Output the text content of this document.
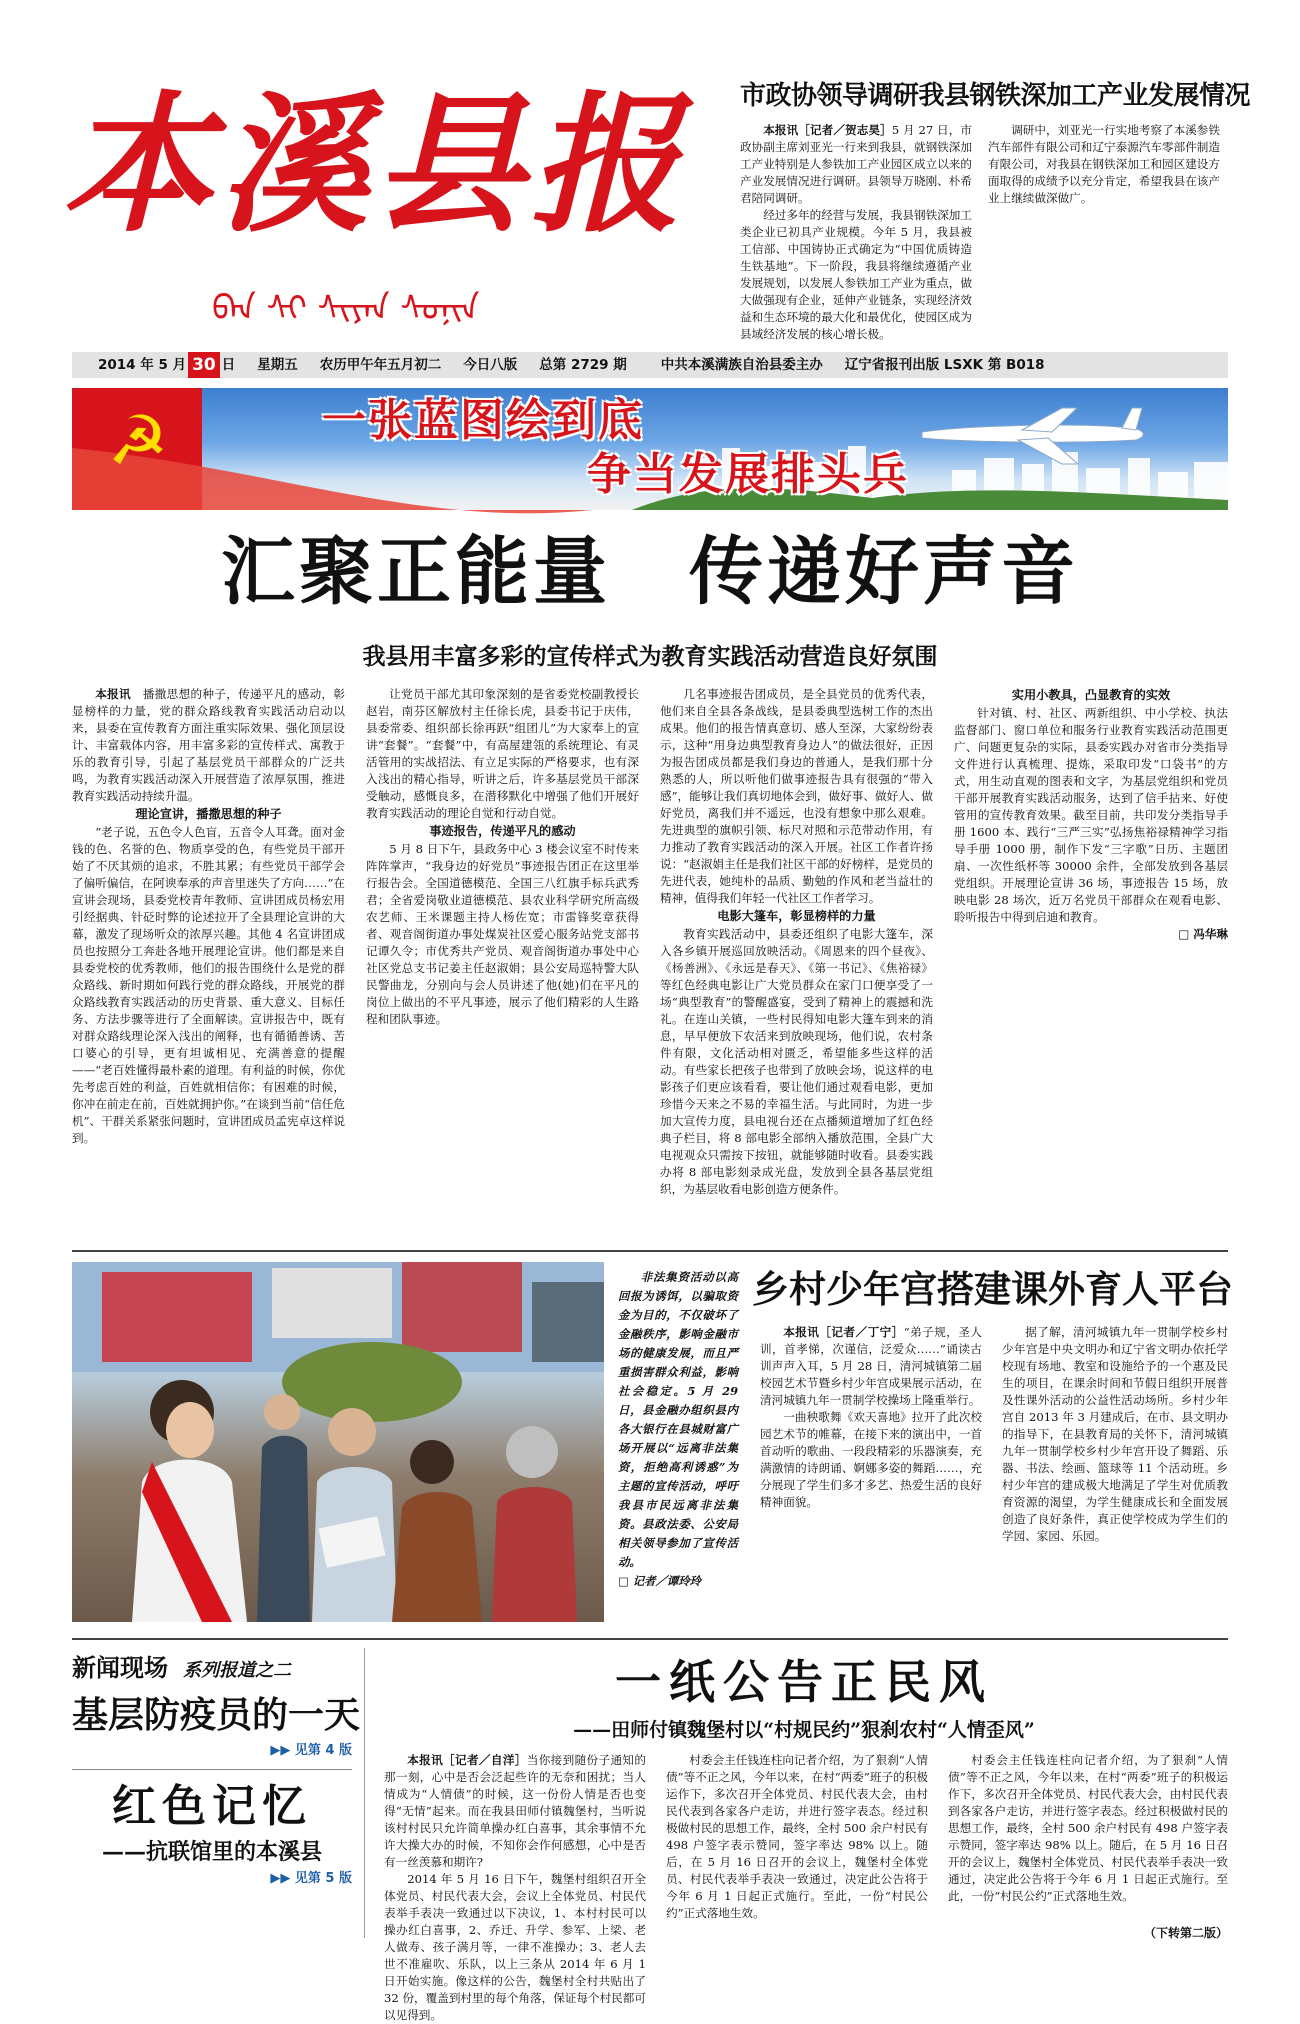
本溪县报
ᠪᠡᠨ ᠰᠢ ᠰᠢᠶᠠᠨ ᠰᠣᠨᠢᠨ
市政协领导调研我县钢铁深加工产业发展情况

本报讯［记者／贺志昊］5 月 27 日，市政协副主席刘亚光一行来到我县，就钢铁深加工产业特别是人参铁加工产业园区成立以来的产业发展情况进行调研。县领导万晓刚、朴希君陪同调研。

经过多年的经营与发展，我县钢铁深加工类企业已初具产业规模。今年 5 月，我县被工信部、中国铸协正式确定为“中国优质铸造生铁基地”。下一阶段，我县将继续遵循产业发展规划，以发展人参铁加工产业为重点，做大做强现有企业，延伸产业链条，实现经济效益和生态环境的最大化和最优化，使园区成为县域经济发展的核心增长极。

调研中，刘亚光一行实地考察了本溪参铁汽车部件有限公司和辽宁泰源汽车零部件制造有限公司，对我县在钢铁深加工和园区建设方面取得的成绩予以充分肯定，希望我县在该产业上继续做深做广。

2014 年 5 月 30 日 星期五 农历甲午年五月初二 今日八版 总第 2729 期	中共本溪满族自治县委主办 辽宁省报刊出版 LSXK 第 B018
☭	一张蓝图绘到底
争当发展排头兵
汇聚正能量　传递好声音
我县用丰富多彩的宣传样式为教育实践活动营造良好氛围

本报讯　 播撒思想的种子，传递平凡的感动，彰显榜样的力量，党的群众路线教育实践活动启动以来，县委在宣传教育方面注重实际效果、强化顶层设计、丰富载体内容，用丰富多彩的宣传样式、寓教于乐的教育引导，引起了基层党员干部群众的广泛共鸣，为教育实践活动深入开展营造了浓厚氛围，推进教育实践活动持续升温。

理论宣讲，播撒思想的种子

“老子说，五色令人色盲，五音令人耳聋。面对金钱的色、名誉的色、物质享受的色，有些党员干部开始了不厌其烦的追求，不胜其累；有些党员干部学会了偏听偏信，在阿谀奉承的声音里迷失了方向……”在宣讲会现场，县委党校青年教师、宣讲团成员杨宏用引经据典、针砭时弊的论述拉开了全县理论宣讲的大幕，激发了现场听众的浓厚兴趣。其他 4 名宣讲团成员也按照分工奔赴各地开展理论宣讲。他们都是来自县委党校的优秀教师，他们的报告围绕什么是党的群众路线、新时期如何践行党的群众路线，开展党的群众路线教育实践活动的历史背景、重大意义、目标任务、方法步骤等进行了全面解读。宣讲报告中，既有对群众路线理论深入浅出的阐释，也有循循善诱、苦口婆心的引导，更有坦诚相见、充满善意的提醒——“老百姓懂得最朴素的道理。有利益的时候，你优先考虑百姓的利益，百姓就相信你；有困难的时候，你冲在前走在前，百姓就拥护你。”在谈到当前“信任危机”、干群关系紧张问题时，宣讲团成员孟宪卓这样说到。

让党员干部尤其印象深刻的是省委党校副教授长赵岩，南芬区解放村主任徐长虎，县委书记于庆伟，县委常委、组织部长徐再跃“组团儿”为大家奉上的宣讲“套餐”。“套餐”中，有高屋建瓴的系统理论、有灵活管用的实战招法、有立足实际的严格要求，也有深入浅出的精心指导，听讲之后，许多基层党员干部深受触动，感慨良多，在潜移默化中增强了他们开展好教育实践活动的理论自觉和行动自觉。

事迹报告，传递平凡的感动

5 月 8 日下午，县政务中心 3 楼会议室不时传来阵阵掌声，“我身边的好党员”事迹报告团正在这里举行报告会。全国道德模范、全国三八红旗手标兵武秀君；全省爱岗敬业道德模范、县农业科学研究所高级农艺师、王米课题主持人杨佐宽；市雷锋奖章获得者、观音阁街道办事处煤炭社区爱心服务站党支部书记谭久令；市优秀共产党员、观音阁街道办事处中心社区党总支书记姜主任赵淑娟；县公安局巡特警大队民警曲龙，分别向与会人员讲述了他(她)们在平凡的岗位上做出的不平凡事迹，展示了他们精彩的人生路程和团队事迹。

几名事迹报告团成员，是全县党员的优秀代表，他们来自全县各条战线，是县委典型选树工作的杰出成果。他们的报告情真意切、感人至深，大家纷纷表示，这种“用身边典型教育身边人”的做法很好，正因为报告团成员都是我们身边的普通人，是我们那十分熟悉的人，所以听他们做事迹报告具有很强的“带入感”，能够让我们真切地体会到，做好事、做好人、做好党员，离我们并不遥远，也没有想象中那么艰难。先进典型的旗帜引领、标尺对照和示范带动作用，有力推动了教育实践活动的深入开展。社区工作者许扬说：“赵淑娟主任是我们社区干部的好榜样，是党员的先进代表，她纯朴的品质、勤勉的作风和老当益壮的精神，值得我们年轻一代社区工作者学习。

电影大篷车，彰显榜样的力量

教育实践活动中，县委还组织了电影大篷车，深入各乡镇开展巡回放映活动。《周恩来的四个昼夜》、《杨善洲》、《永远是春天》、《第一书记》、《焦裕禄》等红色经典电影让广大党员群众在家门口便享受了一场“典型教育”的警醒盛宴，受到了精神上的震撼和洗礼。在连山关镇，一些村民得知电影大篷车到来的消息，早早便放下农活来到放映现场，他们说，农村条件有限，文化活动相对匮乏，希望能多些这样的活动。有些家长把孩子也带到了放映会场，说这样的电影孩子们更应该看看，要让他们通过观看电影，更加珍惜今天来之不易的幸福生活。与此同时，为进一步加大宣传力度，县电视台还在点播频道增加了红色经典子栏目，将 8 部电影全部纳入播放范围，全县广大电视观众只需按下按钮，就能够随时收看。县委实践办将 8 部电影刻录成光盘，发放到全县各基层党组织，为基层收看电影创造方便条件。

实用小教具，凸显教育的实效

针对镇、村、社区、两新组织、中小学校、执法监督部门、窗口单位和服务行业教育实践活动范围更广、问题更复杂的实际，县委实践办对省市分类指导文件进行认真梳理、提炼，采取印发“口袋书”的方式，用生动直观的图表和文字，为基层党组织和党员干部开展教育实践活动服务，达到了信手拈来、好使管用的宣传教育效果。截至目前，共印发分类指导手册 1600 本、践行“三严三实”弘扬焦裕禄精神学习指导手册 1000 册，制作下发“三字歌”日历、主题团扇、一次性纸杯等 30000 余件，全部发放到各基层党组织。开展理论宣讲 36 场，事迹报告 15 场，放映电影 28 场次，近万名党员干部群众在观看电影、聆听报告中得到启迪和教育。

□ 冯华琳

非法集资活动以高回报为诱饵，以骗取资金为目的，不仅破坏了金融秩序，影响金融市场的健康发展，而且严重损害群众利益，影响社会稳定。5 月 29 日，县金融办组织县内各大银行在县城财富广场开展以“远离非法集资，拒绝高利诱惑”为主题的宣传活动，呼吁我县市民远离非法集资。县政法委、公安局相关领导参加了宣传活动。

□ 记者／谭玲玲

乡村少年宫搭建课外育人平台

本报讯［记者／丁宁］“弟子规，圣人训，首孝悌，次谨信，泛爱众……”诵读古训声声入耳，5 月 28 日，清河城镇第二届校园艺术节暨乡村少年宫成果展示活动，在清河城镇九年一贯制学校操场上隆重举行。

一曲秧歌舞《欢天喜地》拉开了此次校园艺术节的帷幕，在接下来的演出中，一首首动听的歌曲、一段段精彩的乐器演奏，充满激情的诗朗诵、婀娜多姿的舞蹈……，充分展现了学生们多才多艺、热爱生活的良好精神面貌。

据了解，清河城镇九年一贯制学校乡村少年宫是中央文明办和辽宁省文明办依托学校现有场地、教室和设施给予的一个惠及民生的项目，在课余时间和节假日组织开展普及性课外活动的公益性活动场所。乡村少年宫自 2013 年 3 月建成后，在市、县文明办的指导下，在县教育局的关怀下，清河城镇九年一贯制学校乡村少年宫开设了舞蹈、乐器、书法、绘画、篮球等 11 个活动班。乡村少年宫的建成极大地满足了学生对优质教育资源的渴望，为学生健康成长和全面发展创造了良好条件，真正使学校成为学生们的学园、家园、乐园。

新闻现场 系列报道之二
基层防疫员的一天
▶▶ 见第 4 版
红色记忆
——抗联馆里的本溪县
▶▶ 见第 5 版
一纸公告正民风
——田师付镇魏堡村以“村规民约”狠刹农村“人情歪风”

本报讯［记者／自洋］当你接到随份子通知的那一刻，心中是否会泛起些许的无奈和困扰；当人情成为“人情债”的时候，这一份份人情是否也变得“无情”起来。而在我县田师付镇魏堡村，当听说该村村民只允许简单操办红白喜事，其余事情不允许大操大办的时候，不知你会作何感想，心中是否有一丝羡慕和期许?

2014 年 5 月 16 日下午，魏堡村组织召开全体党员、村民代表大会，会议上全体党员、村民代表举手表决一致通过以下决议，1、本村村民可以操办红白喜事，2、乔迁、升学、参军、上梁、老人做寿、孩子满月等，一律不准操办；3、老人去世不准雇吹、乐队，以上三条从 2014 年 6 月 1 日开始实施。像这样的公告，魏堡村全村共贴出了 32 份，覆盖到村里的每个角落，保证每个村民都可以见得到。

村委会主任钱连柱向记者介绍，为了狠刹“人情债”等不正之风，今年以来，在村“两委”班子的积极运作下，多次召开全体党员、村民代表大会，由村民代表到各家各户走访，并进行签字表态。经过积极做村民的思想工作，最终，全村 500 余户村民有 498 户签字表示赞同，签字率达 98% 以上。随后，在 5 月 16 日召开的会议上，魏堡村全体党员、村民代表举手表决一致通过，决定此公告将于今年 6 月 1 日起正式施行。至此，一份“村民公约”正式落地生效。

村委会主任钱连柱向记者介绍，为了狠刹“人情债”等不正之风，今年以来，在村“两委”班子的积极运作下，多次召开全体党员、村民代表大会，由村民代表到各家各户走访，并进行签字表态。经过积极做村民的思想工作，最终，全村 500 余户村民有 498 户签字表示赞同，签字率达 98% 以上。随后，在 5 月 16 日召开的会议上，魏堡村全体党员、村民代表举手表决一致通过，决定此公告将于今年 6 月 1 日起正式施行。至此，一份“村民公约”正式落地生效。

（下转第二版）
